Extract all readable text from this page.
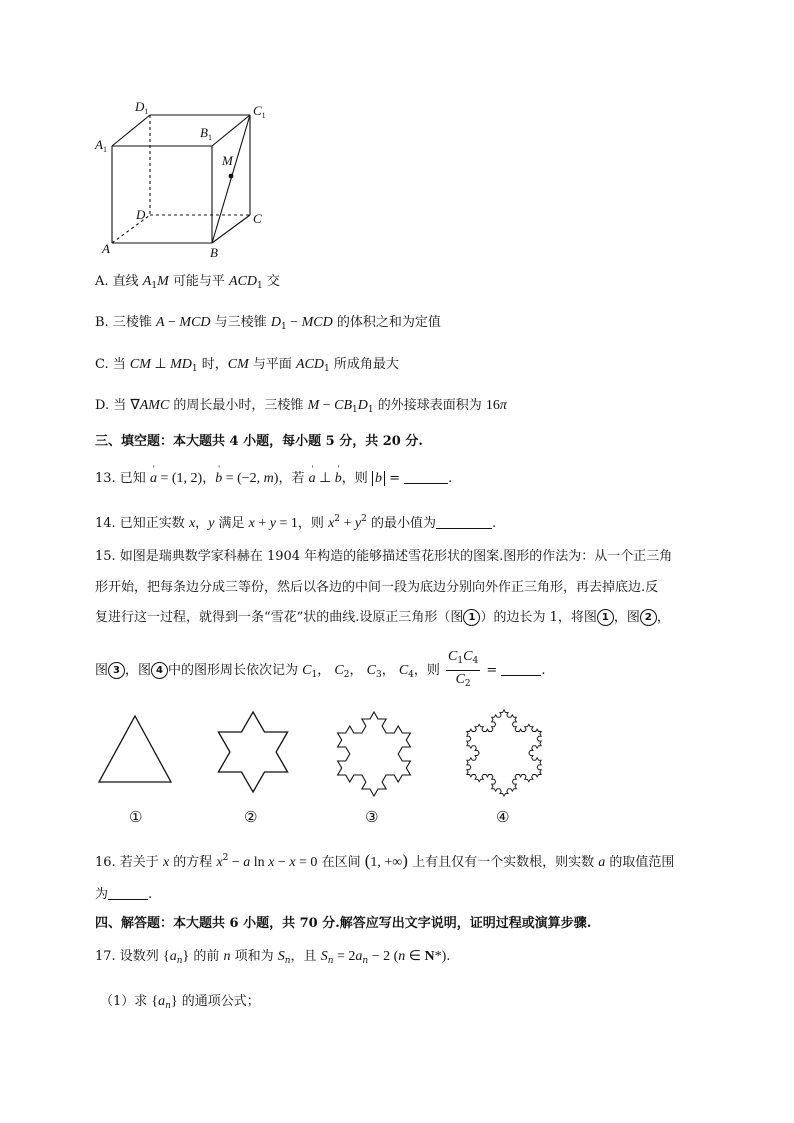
$D_1$	$C_1$
$A_1$
$B_1$
M
D	C
A	B
A. 直线 $A_1M$ 可能与平 $ACD_1$ 交
B. 三棱锥 A − MCD 与三棱锥 $D_1$ − MCD 的体积之和为定值
C. 当 CM ⊥ $MD_1$ 时，CM 与平面 $ACD_1$ 所成角最大
D. 当 ∇AMC 的周长最小时，三棱锥 $M - CB_1D_1$ 的外接球表面积为 16π
三、填空题：本大题共 4 小题，每小题 5 分，共 20 分.
13. 已知 ' a = (1, 2)，' b = (−2, m)，若 ' a ⊥ ' b，则 b =	.
14. 已知正实数 x，y 满足 x + y = 1，则 $x^2 + y^2$ 的最小值为	.
15. 如图是瑞典数学家科赫在 1904 年构造的能够描述雪花形状的图案.图形的作法为：从一个正三角
形开始，把每条边分成三等份，然后以各边的中间一段为底边分别向外作正三角形，再去掉底边.反
复进行这一过程，就得到一条“雪花”状的曲线.设原正三角形（图 1 ）的边长为 1，将图 1 ，图 2 ，
图 3 ，图 4 中的图形周长依次记为 $C_1$， $C_2$， $C_3$， $C_4$，则 $\frac{C_1C_4}{C_2}$ =	.
①	②	③	④
16. 若关于 x 的方程 $x^2 - a$ ln x − x = 0 在区间 (1, +∞) 上有且仅有一个实数根，则实数 a 的取值范围
为	.
四、解答题：本大题共 6 小题，共 70 分.解答应写出文字说明，证明过程或演算步骤.
17. 设数列 $\{a_n\}$ 的前 n 项和为 $S_n$，且 $S_n = 2a_n - 2$ (n ∈ N*).
（1）求 $\{a_n\}$ 的通项公式；
